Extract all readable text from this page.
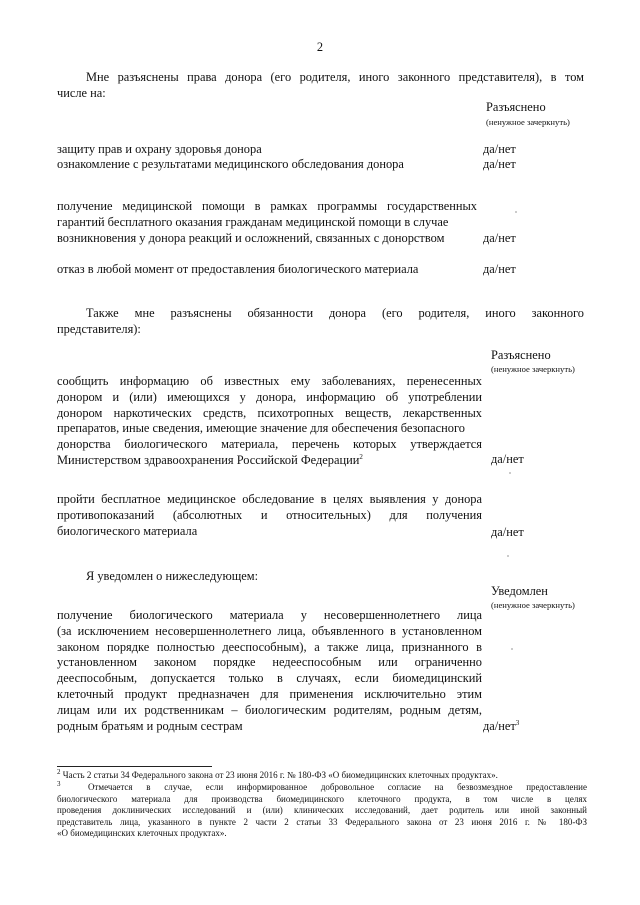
2
Мне разъяснены права донора (его родителя, иного законного представителя), в том
числе на:
Разъяснено
(ненужное зачеркнуть)
защиту прав и охрану здоровья донора	да/нет
ознакомление с результатами медицинского обследования донора	да/нет
получение медицинской помощи в рамках программы государственных
гарантий бесплатного оказания гражданам медицинской помощи в случае
возникновения у донора реакций и осложнений, связанных с донорством	да/нет
отказ в любой момент от предоставления биологического материала	да/нет
Также мне разъяснены обязанности донора (его родителя, иного законного
представителя):
Разъяснено
(ненужное зачеркнуть)
сообщить информацию об известных ему заболеваниях, перенесенных
донором и (или) имеющихся у донора, информацию об употреблении
донором наркотических средств, психотропных веществ, лекарственных
препаратов, иные сведения, имеющие значение для обеспечения безопасного
донорства биологического материала, перечень которых утверждается
Министерством здравоохранения Российской Федерации$^2$	да/нет
пройти бесплатное медицинское обследование в целях выявления у донора
противопоказаний (абсолютных и относительных) для получения
биологического материала	да/нет
Я уведомлен о нижеследующем:
Уведомлен
(ненужное зачеркнуть)
получение биологического материала у несовершеннолетнего лица
(за исключением несовершеннолетнего лица, объявленного в установленном
законом порядке полностью дееспособным), а также лица, признанного в
установленном законом порядке недееспособным или ограниченно
дееспособным, допускается только в случаях, если биомедицинский
клеточный продукт предназначен для применения исключительно этим
лицам или их родственникам – биологическим родителям, родным детям,
родным братьям и родным сестрам	да/нет$^3$
$^2$ Часть 2 статьи 34 Федерального закона от 23 июня 2016 г. № 180-ФЗ «О биомедицинских клеточных продуктах».
$^3$	Отмечается в случае, если информированное добровольное согласие на безвозмездное предоставление
биологического материала для производства биомедицинского клеточного продукта, в том числе в целях
проведения доклинических исследований и (или) клинических исследований, дает родитель или иной законный
представитель лица, указанного в пункте 2 части 2 статьи 33 Федерального закона от 23 июня 2016 г. № 180-ФЗ
«О биомедицинских клеточных продуктах».
